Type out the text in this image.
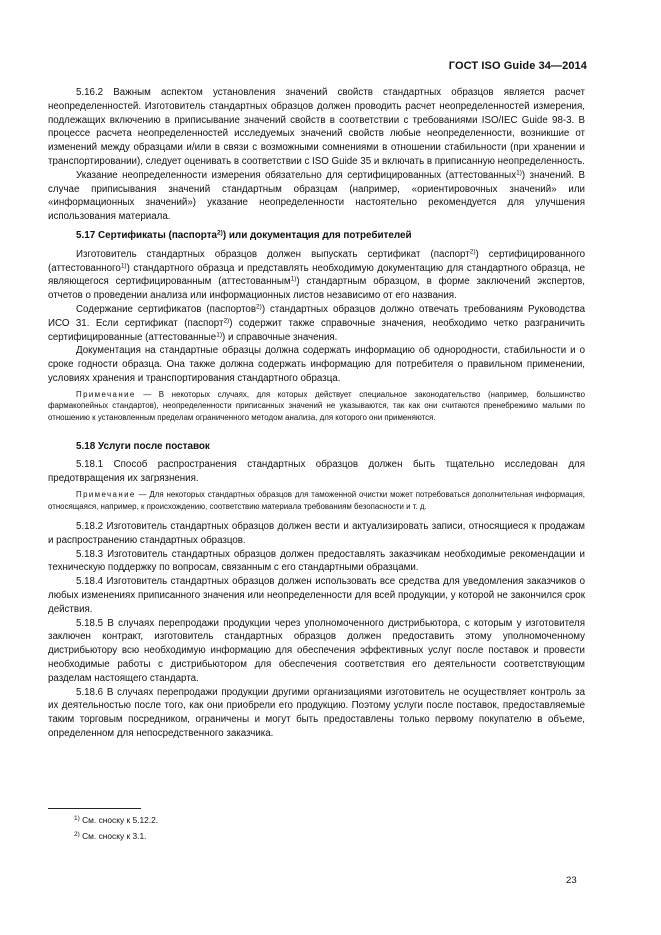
ГОСТ ISO Guide 34—2014

5.16.2 Важным аспектом установления значений свойств стандартных образцов является расчет неопределенностей. Изготовитель стандартных образцов должен проводить расчет неопределенностей измерения, подлежащих включению в приписывание значений свойств в соответствии с требованиями ISO/IEC Guide 98-3. В процессе расчета неопределенностей исследуемых значений свойств любые неопределенности, возникшие от изменений между образцами и/или в связи с возможными сомнениями в отношении стабильности (при хранении и транспортировании), следует оценивать в соответствии с ISO Guide 35 и включать в приписанную неопределенность.

Указание неопределенности измерения обязательно для сертифицированных (аттестованных$^{1)}$) значений. В случае приписывания значений стандартным образцам (например, «ориентировочных значений» или «информационных значений») указание неопределенности настоятельно рекомендуется для улучшения использования материала.

5.17 Сертификаты (паспорта$^{2)}$) или документация для потребителей

Изготовитель стандартных образцов должен выпускать сертификат (паспорт$^{2)}$) сертифицированного (аттестованного$^{1)}$) стандартного образца и представлять необходимую документацию для стандартного образца, не являющегося сертифицированным (аттестованным$^{1)}$) стандартным образцом, в форме заключений экспертов, отчетов о проведении анализа или информационных листов независимо от его названия.

Содержание сертификатов (паспортов$^{2)}$) стандартных образцов должно отвечать требованиям Руководства ИСО 31. Если сертификат (паспорт$^{2)}$) содержит также справочные значения, необходимо четко разграничить сертифицированные (аттестованные$^{1)}$) и справочные значения.

Документация на стандартные образцы должна содержать информацию об однородности, стабильности и о сроке годности образца. Она также должна содержать информацию для потребителя о правильном применении, условиях хранения и транспортирования стандартного образца.

Примечание — В некоторых случаях, для которых действует специальное законодательство (например, большинство фармакопейных стандартов), неопределенности приписанных значений не указываются, так как они считаются пренебрежимо малыми по отношению к установленным пределам ограниченного методом анализа, для которого они применяются.

5.18 Услуги после поставок

5.18.1 Способ распространения стандартных образцов должен быть тщательно исследован для предотвращения их загрязнения.

Примечание — Для некоторых стандартных образцов для таможенной очистки может потребоваться дополнительная информация, относящаяся, например, к происхождению, соответствию материала требованиям безопасности и т. д.

5.18.2 Изготовитель стандартных образцов должен вести и актуализировать записи, относящиеся к продажам и распространению стандартных образцов.

5.18.3 Изготовитель стандартных образцов должен предоставлять заказчикам необходимые рекомендации и техническую поддержку по вопросам, связанным с его стандартными образцами.

5.18.4 Изготовитель стандартных образцов должен использовать все средства для уведомления заказчиков о любых изменениях приписанного значения или неопределенности для всей продукции, у которой не закончился срок действия.

5.18.5 В случаях перепродажи продукции через уполномоченного дистрибьютора, с которым у изготовителя заключен контракт, изготовитель стандартных образцов должен предоставить этому уполномоченному дистрибьютору всю необходимую информацию для обеспечения эффективных услуг после поставок и провести необходимые работы с дистрибьютором для обеспечения соответствия его деятельности соответствующим разделам настоящего стандарта.

5.18.6 В случаях перепродажи продукции другими организациями изготовитель не осуществляет контроль за их деятельностью после того, как они приобрели его продукцию. Поэтому услуги после поставок, предоставляемые таким торговым посредником, ограничены и могут быть предоставлены только первому покупателю в объеме, определенном для непосредственного заказчика.

$^{1)}$ См. сноску к 5.12.2.
$^{2)}$ См. сноску к 3.1.
23
